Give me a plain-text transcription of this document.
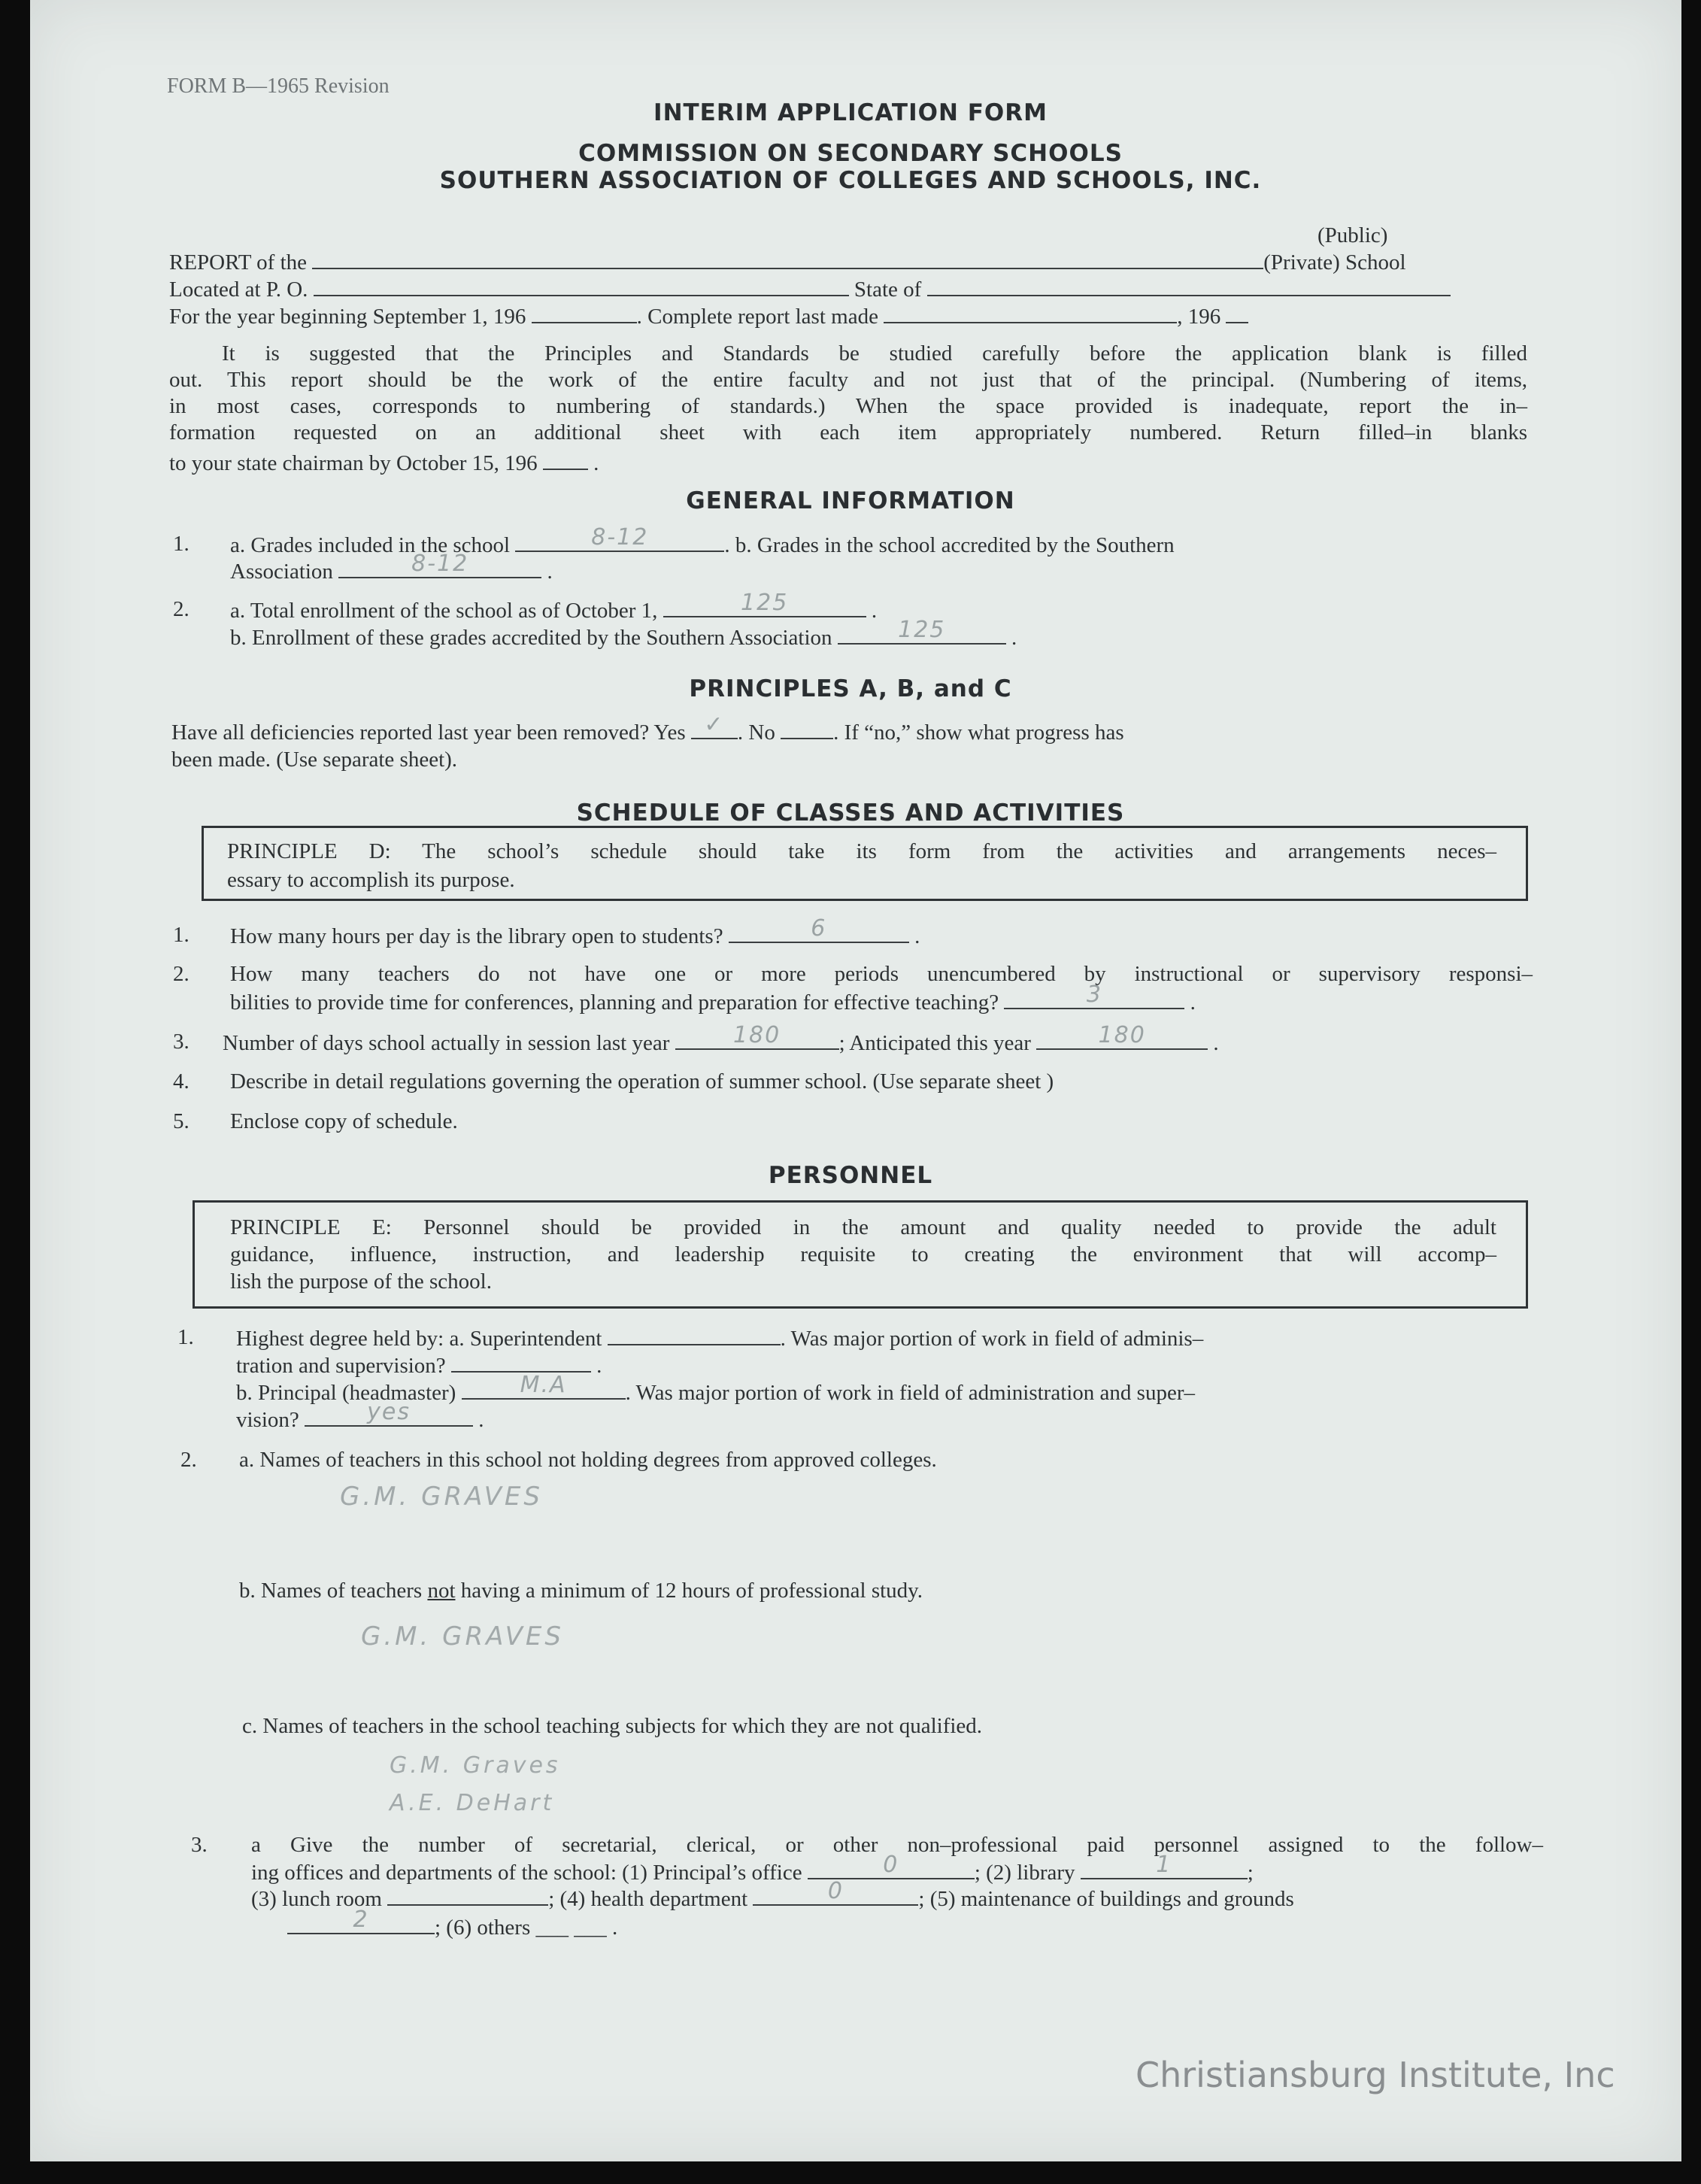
FORM B––1965 Revision
INTERIM APPLICATION FORM
COMMISSION ON SECONDARY SCHOOLS
SOUTHERN ASSOCIATION OF COLLEGES AND SCHOOLS, INC.
(Public)
REPORT of the	(Private) School
Located at P. O.	State of
For the year beginning September 1, 196	. Complete report last made	, 196
It is suggested that the Principles and Standards be studied carefully before the application blank is filled
out. This report should be the work of the entire faculty and not just that of the principal. (Numbering of items,
in most cases, corresponds to numbering of standards.) When the space provided is inadequate, report the in–
formation requested on an additional sheet with each item appropriately numbered. Return filled–in blanks
to your state chairman by October 15, 196  .
GENERAL INFORMATION
1. a. Grades included in the school	8-12	. b. Grades in the school accredited by the Southern
Association	8-12	.
2. a. Total enrollment of the school as of October 1,	125	.
b. Enrollment of these grades accredited by the Southern Association	125	.
PRINCIPLES A, B, and C
Have all deficiencies reported last year been removed? Yes ✓ . No	. If “no,” show what progress has
been made. (Use separate sheet).
SCHEDULE OF CLASSES AND ACTIVITIES
PRINCIPLE D: The school’s schedule should take its form from the activities and arrangements neces–
essary to accomplish its purpose.
1. How many hours per day is the library open to students?	6	.
2. How many teachers do not have one or more periods unencumbered by instructional or supervisory responsi–
bilities to provide time for conferences, planning and preparation for effective teaching?	3	.
3. Number of days school actually in session last year	180	; Anticipated this year	180	.
4. Describe in detail regulations governing the operation of summer school. (Use separate sheet )
5. Enclose copy of schedule.
PERSONNEL
PRINCIPLE E: Personnel should be provided in the amount and quality needed to provide the adult
guidance, influence, instruction, and leadership requisite to creating the environment that will accomp–
lish the purpose of the school.
1. Highest degree held by: a. Superintendent	. Was major portion of work in field of adminis–
tration and supervision?	.
b. Principal (headmaster)	M.A	. Was major portion of work in field of administration and super–
vision?	yes	.
2. a. Names of teachers in this school not holding degrees from approved colleges.
G.M. GRAVES
b. Names of teachers not having a minimum of 12 hours of professional study.
G.M. GRAVES
c. Names of teachers in the school teaching subjects for which they are not qualified.
G.M. Graves
A.E. DeHart
3. a Give the number of secretarial, clerical, or other non–professional paid personnel assigned to the follow–
ing offices and departments of the school: (1) Principal’s office	0	; (2) library	1	;
(3) lunch room	; (4) health department	0	; (5) maintenance of buildings and grounds
2	; (6) others ___ ___ .
Christiansburg Institute, Inc
